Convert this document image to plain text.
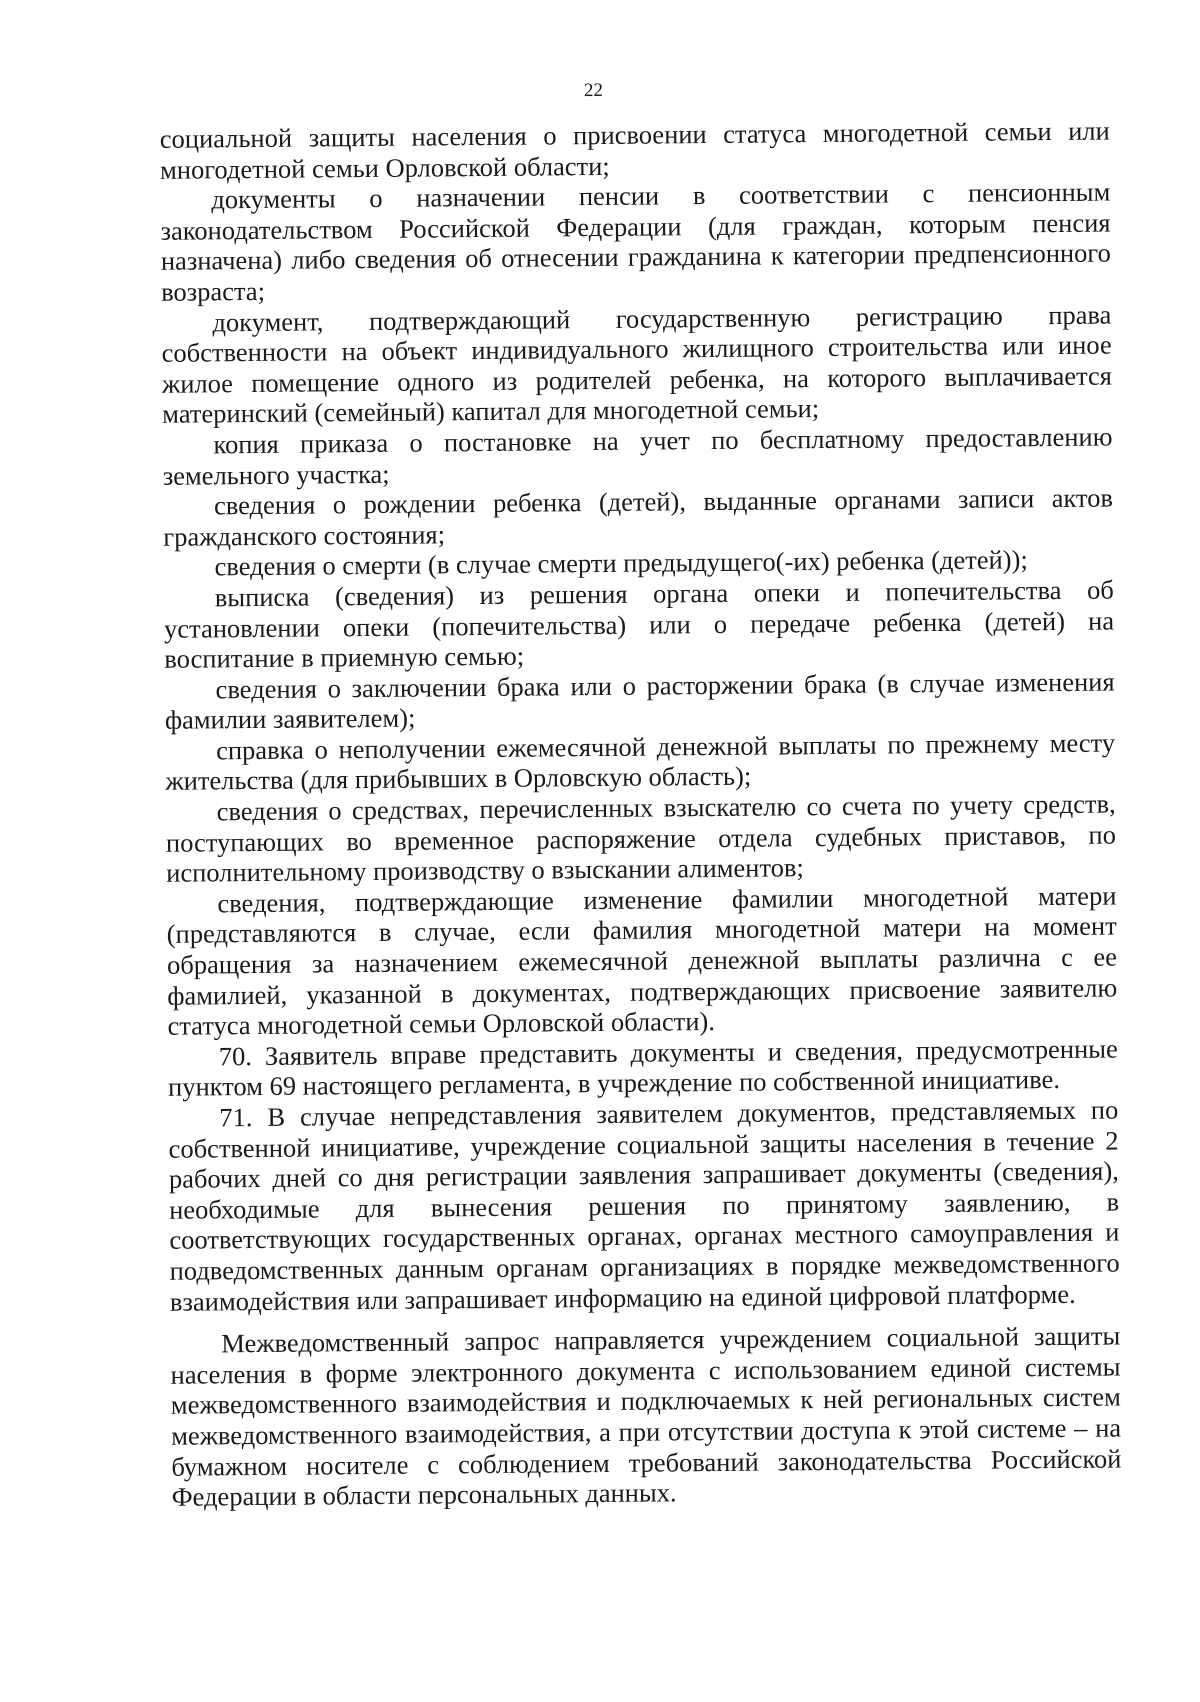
22

социальной защиты населения о присвоении статуса многодетной семьи или многодетной семьи Орловской области;

документы о назначении пенсии в соответствии с пенсионным законодательством Российской Федерации (для граждан, которым пенсия назначена) либо сведения об отнесении гражданина к категории предпенсионного возраста;

документ, подтверждающий государственную регистрацию права собственности на объект индивидуального жилищного строительства или иное жилое помещение одного из родителей ребенка, на которого выплачивается материнский (семейный) капитал для многодетной семьи;

копия приказа о постановке на учет по бесплатному предоставлению земельного участка;

сведения о рождении ребенка (детей), выданные органами записи актов гражданского состояния;

сведения о смерти (в случае смерти предыдущего(-их) ребенка (детей));

выписка (сведения) из решения органа опеки и попечительства об установлении опеки (попечительства) или о передаче ребенка (детей) на воспитание в приемную семью;

сведения о заключении брака или о расторжении брака (в случае изменения фамилии заявителем);

справка о неполучении ежемесячной денежной выплаты по прежнему месту жительства (для прибывших в Орловскую область);

сведения о средствах, перечисленных взыскателю со счета по учету средств, поступающих во временное распоряжение отдела судебных приставов, по исполнительному производству о взыскании алиментов;

сведения, подтверждающие изменение фамилии многодетной матери (представляются в случае, если фамилия многодетной матери на момент обращения за назначением ежемесячной денежной выплаты различна с ее фамилией, указанной в документах, подтверждающих присвоение заявителю статуса многодетной семьи Орловской области).

70. Заявитель вправе представить документы и сведения, предусмотренные пунктом 69 настоящего регламента, в учреждение по собственной инициативе.

71. В случае непредставления заявителем документов, представляемых по собственной инициативе, учреждение социальной защиты населения в течение 2 рабочих дней со дня регистрации заявления запрашивает документы (сведения), необходимые для вынесения решения по принятому заявлению, в соответствующих государственных органах, органах местного самоуправления и подведомственных данным органам организациях в порядке межведомственного взаимодействия или запрашивает информацию на единой цифровой платформе.

Межведомственный запрос направляется учреждением социальной защиты населения в форме электронного документа с использованием единой системы межведомственного взаимодействия и подключаемых к ней региональных систем межведомственного взаимодействия, а при отсутствии доступа к этой системе – на бумажном носителе с соблюдением требований законодательства Российской Федерации в области персональных данных.
